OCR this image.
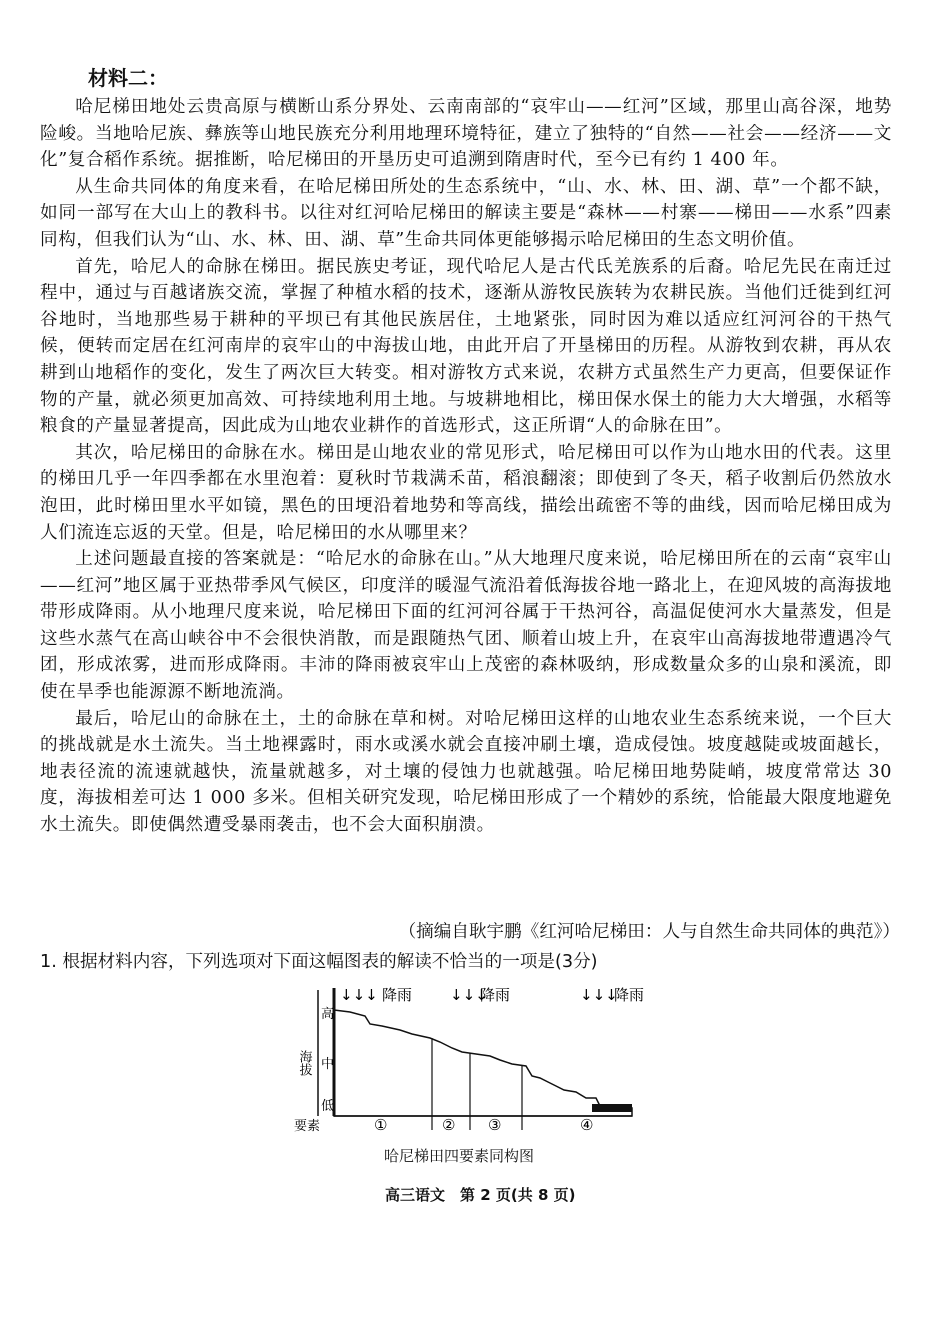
材料二：

哈尼梯田地处云贵高原与横断山系分界处、云南南部的“哀牢山——红河”区域，那里山高谷深，地势险峻。当地哈尼族、彝族等山地民族充分利用地理环境特征，建立了独特的“自然——社会——经济——文化”复合稻作系统。据推断，哈尼梯田的开垦历史可追溯到隋唐时代，至今已有约 1 400 年。

从生命共同体的角度来看，在哈尼梯田所处的生态系统中，“山、水、林、田、湖、草”一个都不缺，如同一部写在大山上的教科书。以往对红河哈尼梯田的解读主要是“森林——村寨——梯田——水系”四素同构，但我们认为“山、水、林、田、湖、草”生命共同体更能够揭示哈尼梯田的生态文明价值。

首先，哈尼人的命脉在梯田。据民族史考证，现代哈尼人是古代氐羌族系的后裔。哈尼先民在南迁过程中，通过与百越诸族交流，掌握了种植水稻的技术，逐渐从游牧民族转为农耕民族。当他们迁徙到红河谷地时，当地那些易于耕种的平坝已有其他民族居住，土地紧张，同时因为难以适应红河河谷的干热气候，便转而定居在红河南岸的哀牢山的中海拔山地，由此开启了开垦梯田的历程。从游牧到农耕，再从农耕到山地稻作的变化，发生了两次巨大转变。相对游牧方式来说，农耕方式虽然生产力更高，但要保证作物的产量，就必须更加高效、可持续地利用土地。与坡耕地相比，梯田保水保土的能力大大增强，水稻等粮食的产量显著提高，因此成为山地农业耕作的首选形式，这正所谓“人的命脉在田”。

其次，哈尼梯田的命脉在水。梯田是山地农业的常见形式，哈尼梯田可以作为山地水田的代表。这里的梯田几乎一年四季都在水里泡着：夏秋时节栽满禾苗，稻浪翻滚；即使到了冬天，稻子收割后仍然放水泡田，此时梯田里水平如镜，黑色的田埂沿着地势和等高线，描绘出疏密不等的曲线，因而哈尼梯田成为人们流连忘返的天堂。但是，哈尼梯田的水从哪里来？

上述问题最直接的答案就是：“哈尼水的命脉在山。”从大地理尺度来说，哈尼梯田所在的云南“哀牢山——红河”地区属于亚热带季风气候区，印度洋的暖湿气流沿着低海拔谷地一路北上，在迎风坡的高海拔地带形成降雨。从小地理尺度来说，哈尼梯田下面的红河河谷属于干热河谷，高温促使河水大量蒸发，但是这些水蒸气在高山峡谷中不会很快消散，而是跟随热气团、顺着山坡上升，在哀牢山高海拔地带遭遇冷气团，形成浓雾，进而形成降雨。丰沛的降雨被哀牢山上茂密的森林吸纳，形成数量众多的山泉和溪流，即使在旱季也能源源不断地流淌。

最后，哈尼山的命脉在土，土的命脉在草和树。对哈尼梯田这样的山地农业生态系统来说，一个巨大的挑战就是水土流失。当土地裸露时，雨水或溪水就会直接冲刷土壤，造成侵蚀。坡度越陡或坡面越长，地表径流的流速就越快，流量就越多，对土壤的侵蚀力也就越强。哈尼梯田地势陡峭，坡度常常达 30 度，海拔相差可达 1 000 多米。但相关研究发现，哈尼梯田形成了一个精妙的系统，恰能最大限度地避免水土流失。即使偶然遭受暴雨袭击，也不会大面积崩溃。

（摘编自耿宇鹏《红河哈尼梯田：人与自然生命共同体的典范》）
1. 根据材料内容，下列选项对下面这幅图表的解读不恰当的一项是(3分)
↓↓↓ 降雨	↓↓↓
降雨	↓↓↓
降雨
高
中
低
海拔
要素	①	② ③	④
哈尼梯田四要素同构图
高三语文　第 2 页(共 8 页)
